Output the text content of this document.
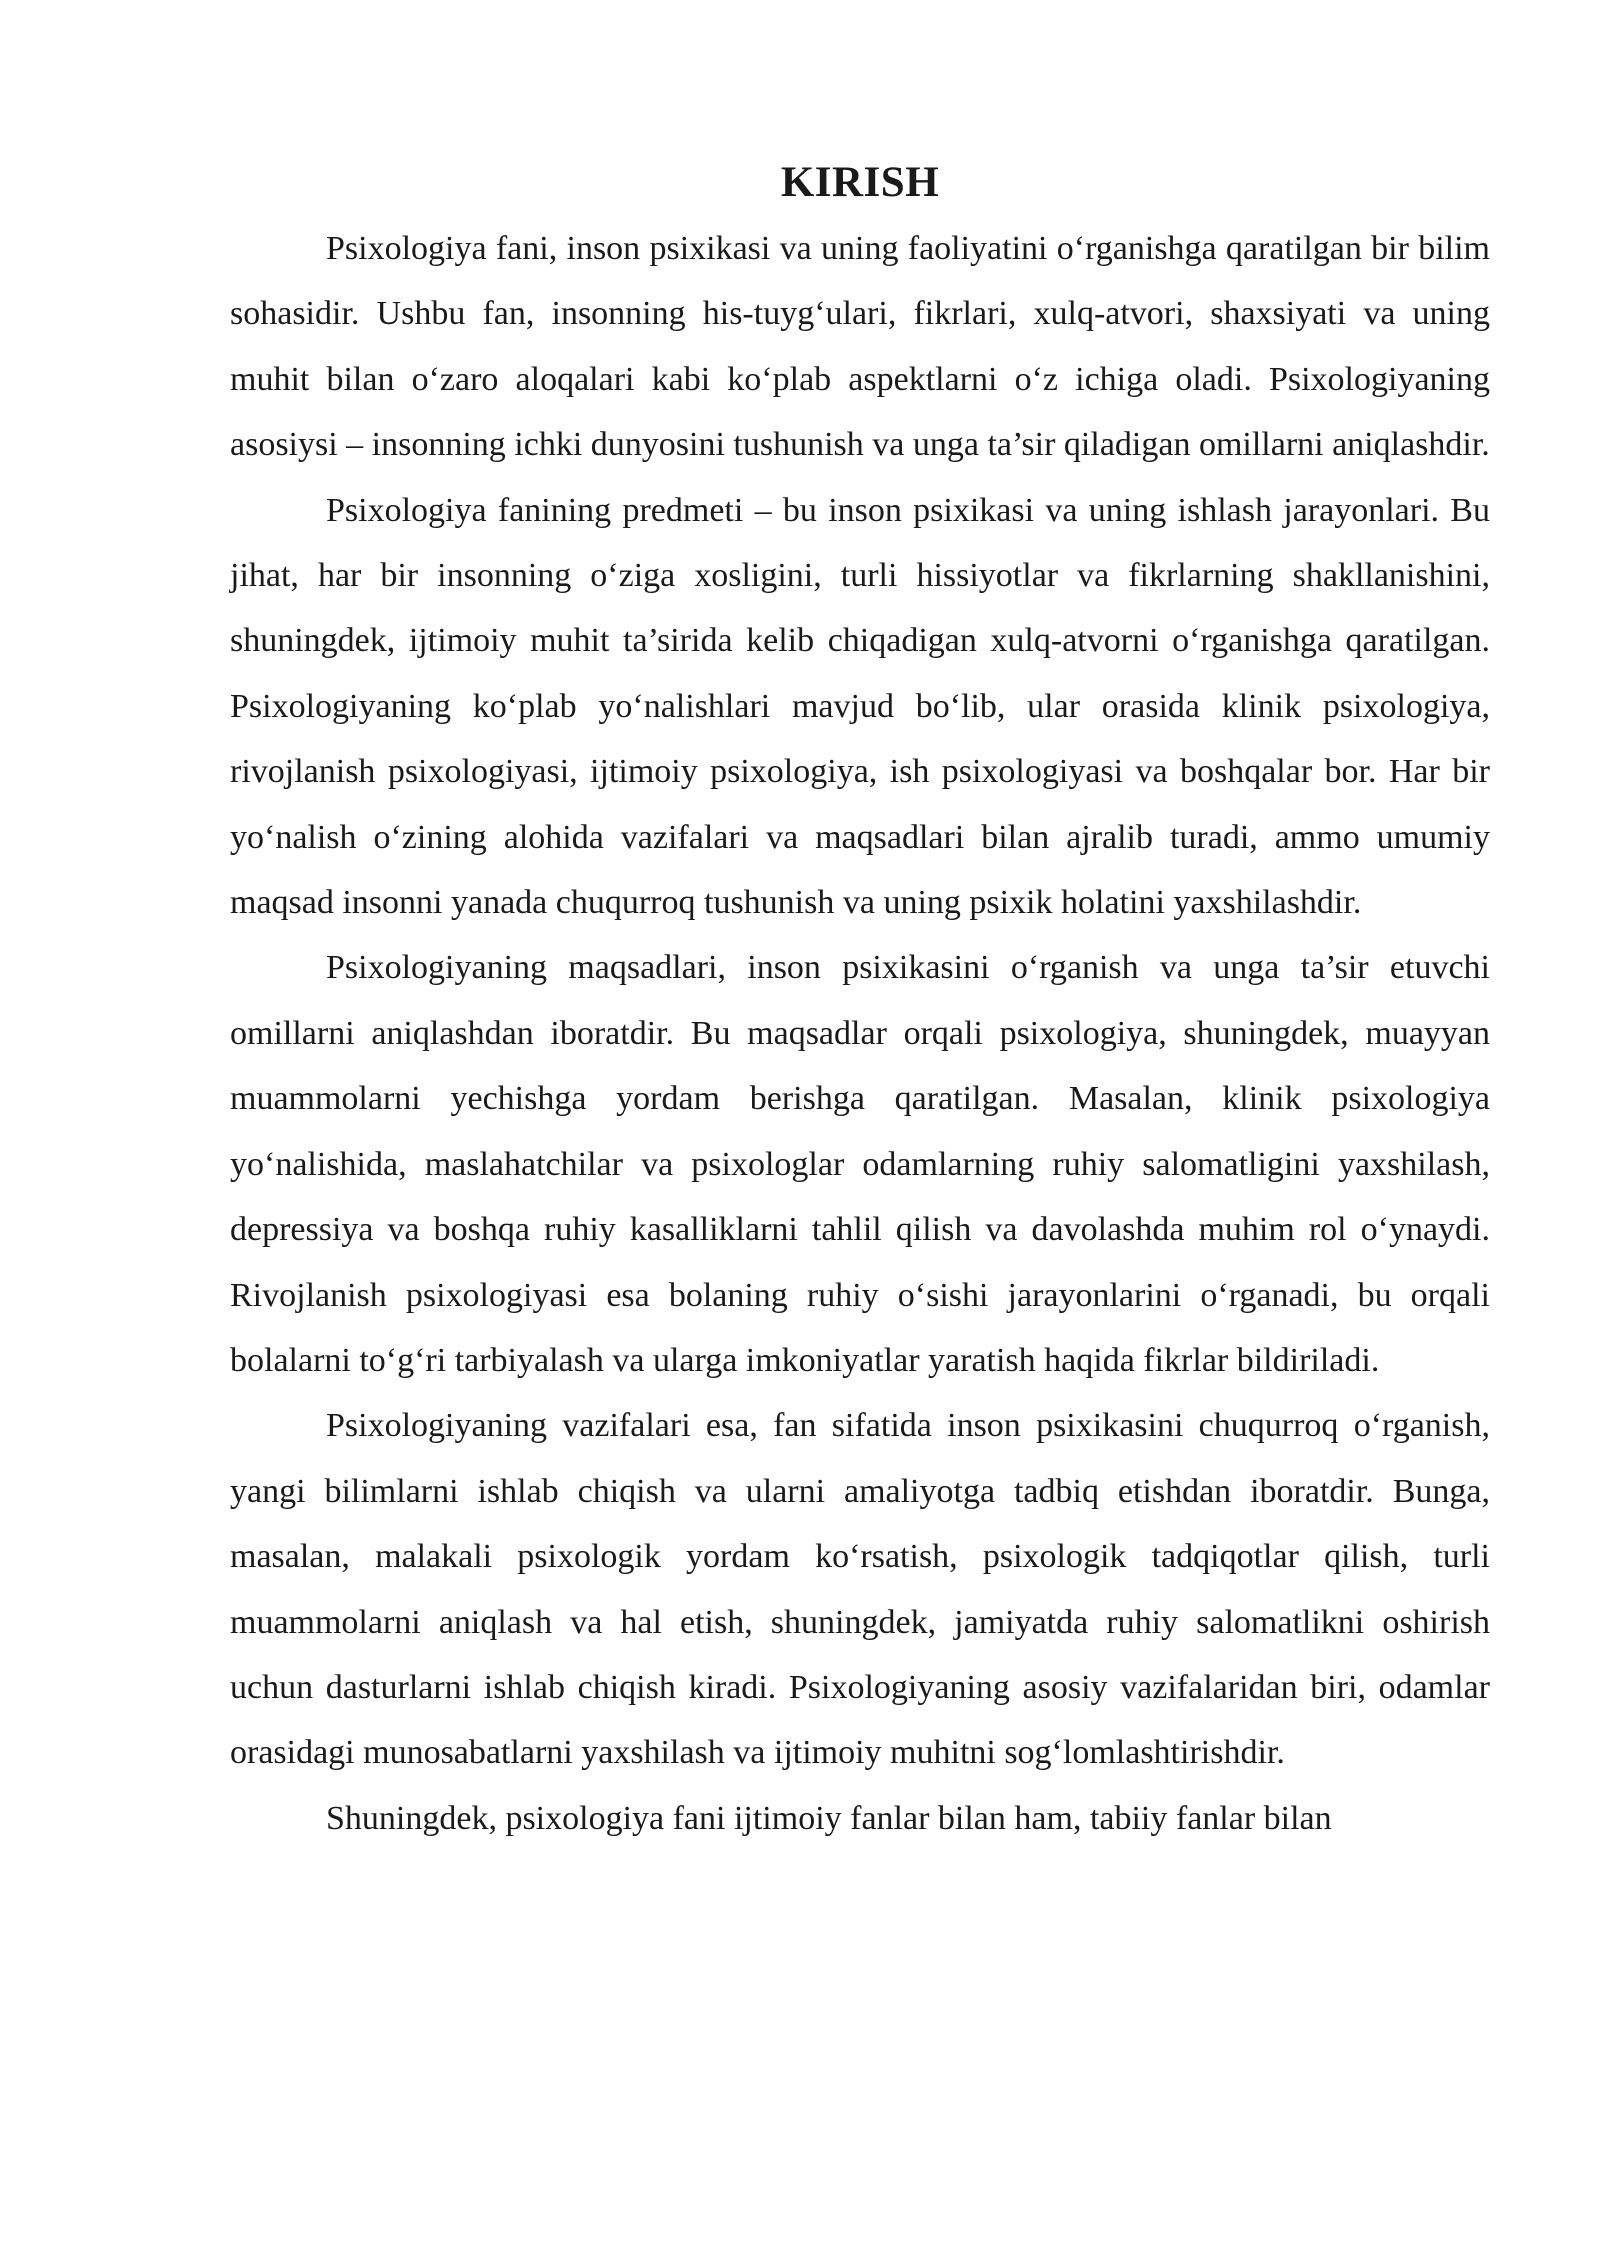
KIRISH

Psixologiya fani, inson psixikasi va uning faoliyatini o‘rganishga qaratilgan bir bilim sohasidir. Ushbu fan, insonning his-tuyg‘ulari, fikrlari, xulq-atvori, shaxsiyati va uning muhit bilan o‘zaro aloqalari kabi ko‘plab aspektlarni o‘z ichiga oladi. Psixologiyaning asosiysi – insonning ichki dunyosini tushunish va unga ta’sir qiladigan omillarni aniqlashdir.

Psixologiya fanining predmeti – bu inson psixikasi va uning ishlash jarayonlari. Bu jihat, har bir insonning o‘ziga xosligini, turli hissiyotlar va fikrlarning shakllanishini, shuningdek, ijtimoiy muhit ta’sirida kelib chiqadigan xulq-atvorni o‘rganishga qaratilgan. Psixologiyaning ko‘plab yo‘nalishlari mavjud bo‘lib, ular orasida klinik psixologiya, rivojlanish psixologiyasi, ijtimoiy psixologiya, ish psixologiyasi va boshqalar bor. Har bir yo‘nalish o‘zining alohida vazifalari va maqsadlari bilan ajralib turadi, ammo umumiy maqsad insonni yanada chuqurroq tushunish va uning psixik holatini yaxshilashdir.

Psixologiyaning maqsadlari, inson psixikasini o‘rganish va unga ta’sir etuvchi omillarni aniqlashdan iboratdir. Bu maqsadlar orqali psixologiya, shuningdek, muayyan muammolarni yechishga yordam berishga qaratilgan. Masalan, klinik psixologiya yo‘nalishida, maslahatchilar va psixologlar odamlarning ruhiy salomatligini yaxshilash, depressiya va boshqa ruhiy kasalliklarni tahlil qilish va davolashda muhim rol o‘ynaydi. Rivojlanish psixologiyasi esa bolaning ruhiy o‘sishi jarayonlarini o‘rganadi, bu orqali bolalarni to‘g‘ri tarbiyalash va ularga imkoniyatlar yaratish haqida fikrlar bildiriladi.

Psixologiyaning vazifalari esa, fan sifatida inson psixikasini chuqurroq o‘rganish, yangi bilimlarni ishlab chiqish va ularni amaliyotga tadbiq etishdan iboratdir. Bunga, masalan, malakali psixologik yordam ko‘rsatish, psixologik tadqiqotlar qilish, turli muammolarni aniqlash va hal etish, shuningdek, jamiyatda ruhiy salomatlikni oshirish uchun dasturlarni ishlab chiqish kiradi. Psixologiyaning asosiy vazifalaridan biri, odamlar orasidagi munosabatlarni yaxshilash va ijtimoiy muhitni sog‘lomlashtirishdir.

Shuningdek, psixologiya fani ijtimoiy fanlar bilan ham, tabiiy fanlar bilan
